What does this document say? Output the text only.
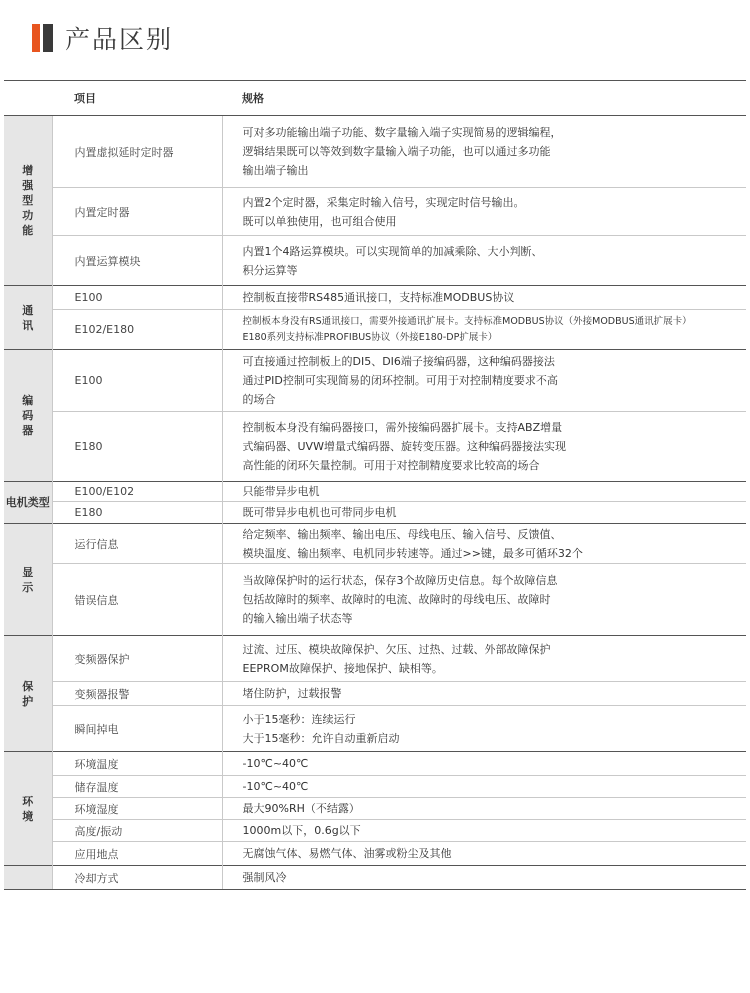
产品区别
	项目	规格
增强型功能	内置虚拟延时定时器	可对多功能输出端子功能、数字量输入端子实现简易的逻辑编程，
逻辑结果既可以等效到数字量输入端子功能，也可以通过多功能
输出端子输出

	内置定时器	内置2个定时器，采集定时输入信号，实现定时信号输出。
既可以单独使用，也可组合使用

	内置运算模块	内置1个4路运算模块。可以实现简单的加减乘除、大小判断、
积分运算等

通讯	E100	控制板直接带RS485通讯接口，支持标准MODBUS协议

	E102/E180	控制板本身没有RS通讯接口，需要外接通讯扩展卡。支持标准MODBUS协议（外接MODBUS通讯扩展卡）
E180系列支持标准PROFIBUS协议（外接E180-DP扩展卡）

编码器	E100	可直接通过控制板上的DI5、DI6端子接编码器，这种编码器接法
通过PID控制可实现简易的闭环控制。可用于对控制精度要求不高
的场合

	E180	控制板本身没有编码器接口，需外接编码器扩展卡。支持ABZ增量
式编码器、UVW增量式编码器、旋转变压器。这种编码器接法实现
高性能的闭环矢量控制。可用于对控制精度要求比较高的场合

电机类型	E100/E102	只能带异步电机

	E180	既可带异步电机也可带同步电机

显示	运行信息	给定频率、输出频率、输出电压、母线电压、输入信号、反馈值、
模块温度、输出频率、电机同步转速等。通过>>键，最多可循环32个

	错误信息	当故障保护时的运行状态，保存3个故障历史信息。每个故障信息
包括故障时的频率、故障时的电流、故障时的母线电压、故障时
的输入输出端子状态等

保护	变频器保护	过流、过压、模块故障保护、欠压、过热、过载、外部故障保护
EEPROM故障保护、接地保护、缺相等。

	变频器报警	堵住防护，过载报警

	瞬间掉电	小于15毫秒：连续运行
大于15毫秒：允许自动重新启动

环境	环境温度	-10℃~40℃

	储存温度	-10℃~40℃

	环境湿度	最大90%RH（不结露）

	高度/振动	1000m以下，0.6g以下

	应用地点	无腐蚀气体、易燃气体、油雾或粉尘及其他

	冷却方式	强制风冷
